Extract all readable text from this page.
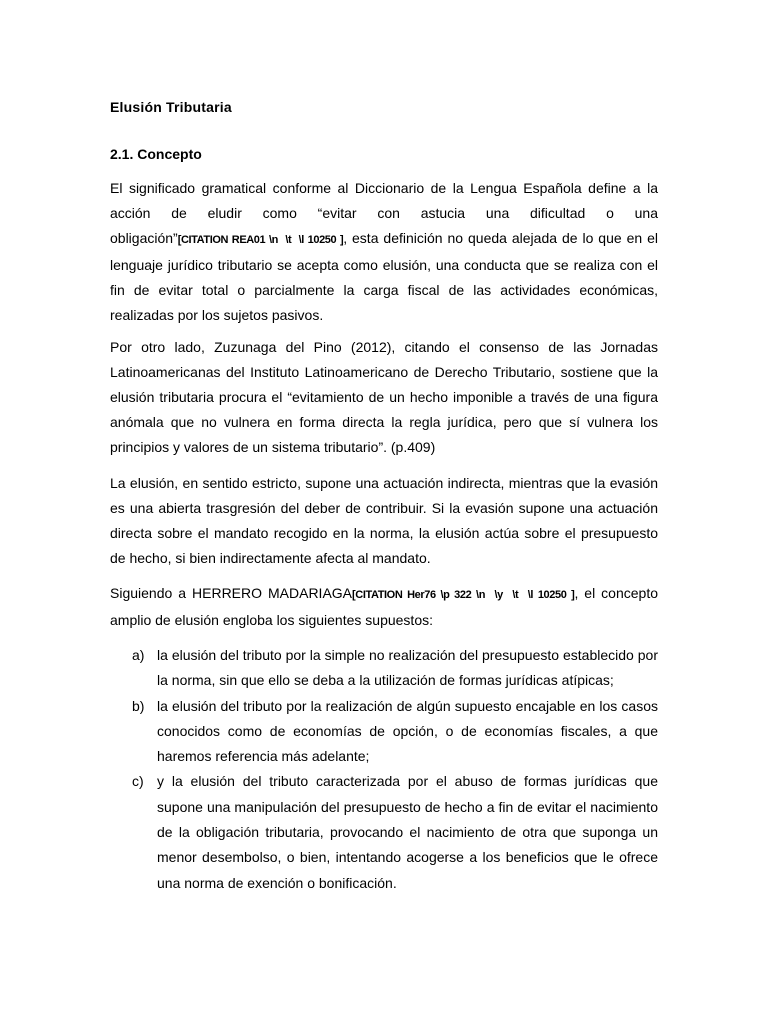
Elusión Tributaria
2.1. Concepto

El significado gramatical conforme al Diccionario de la Lengua Española define a la acción de eludir como “evitar con astucia una dificultad o una obligación”[CITATION REA01 \n  \t  \l 10250 ], esta definición no queda alejada de lo que en el lenguaje jurídico tributario se acepta como elusión, una conducta que se realiza con el fin de evitar total o parcialmente la carga fiscal de las actividades económicas, realizadas por los sujetos pasivos.

Por otro lado, Zuzunaga del Pino (2012), citando el consenso de las Jornadas Latinoamericanas del Instituto Latinoamericano de Derecho Tributario, sostiene que la elusión tributaria procura el “evitamiento de un hecho imponible a través de una figura anómala que no vulnera en forma directa la regla jurídica, pero que sí vulnera los principios y valores de un sistema tributario”. (p.409)

La elusión, en sentido estricto, supone una actuación indirecta, mientras que la evasión es una abierta trasgresión del deber de contribuir. Si la evasión supone una actuación directa sobre el mandato recogido en la norma, la elusión actúa sobre el presupuesto de hecho, si bien indirectamente afecta al mandato.

Siguiendo a HERRERO MADARIAGA[CITATION Her76 \p 322 \n  \y  \t  \l 10250 ], el concepto amplio de elusión engloba los siguientes supuestos:

a) la elusión del tributo por la simple no realización del presupuesto establecido por la norma, sin que ello se deba a la utilización de formas jurídicas atípicas;
b) la elusión del tributo por la realización de algún supuesto encajable en los casos conocidos como de economías de opción, o de economías fiscales, a que haremos referencia más adelante;
c) y la elusión del tributo caracterizada por el abuso de formas jurídicas que supone una manipulación del presupuesto de hecho a fin de evitar el nacimiento de la obligación tributaria, provocando el nacimiento de otra que suponga un menor desembolso, o bien, intentando acogerse a los beneficios que le ofrece una norma de exención o bonificación.
